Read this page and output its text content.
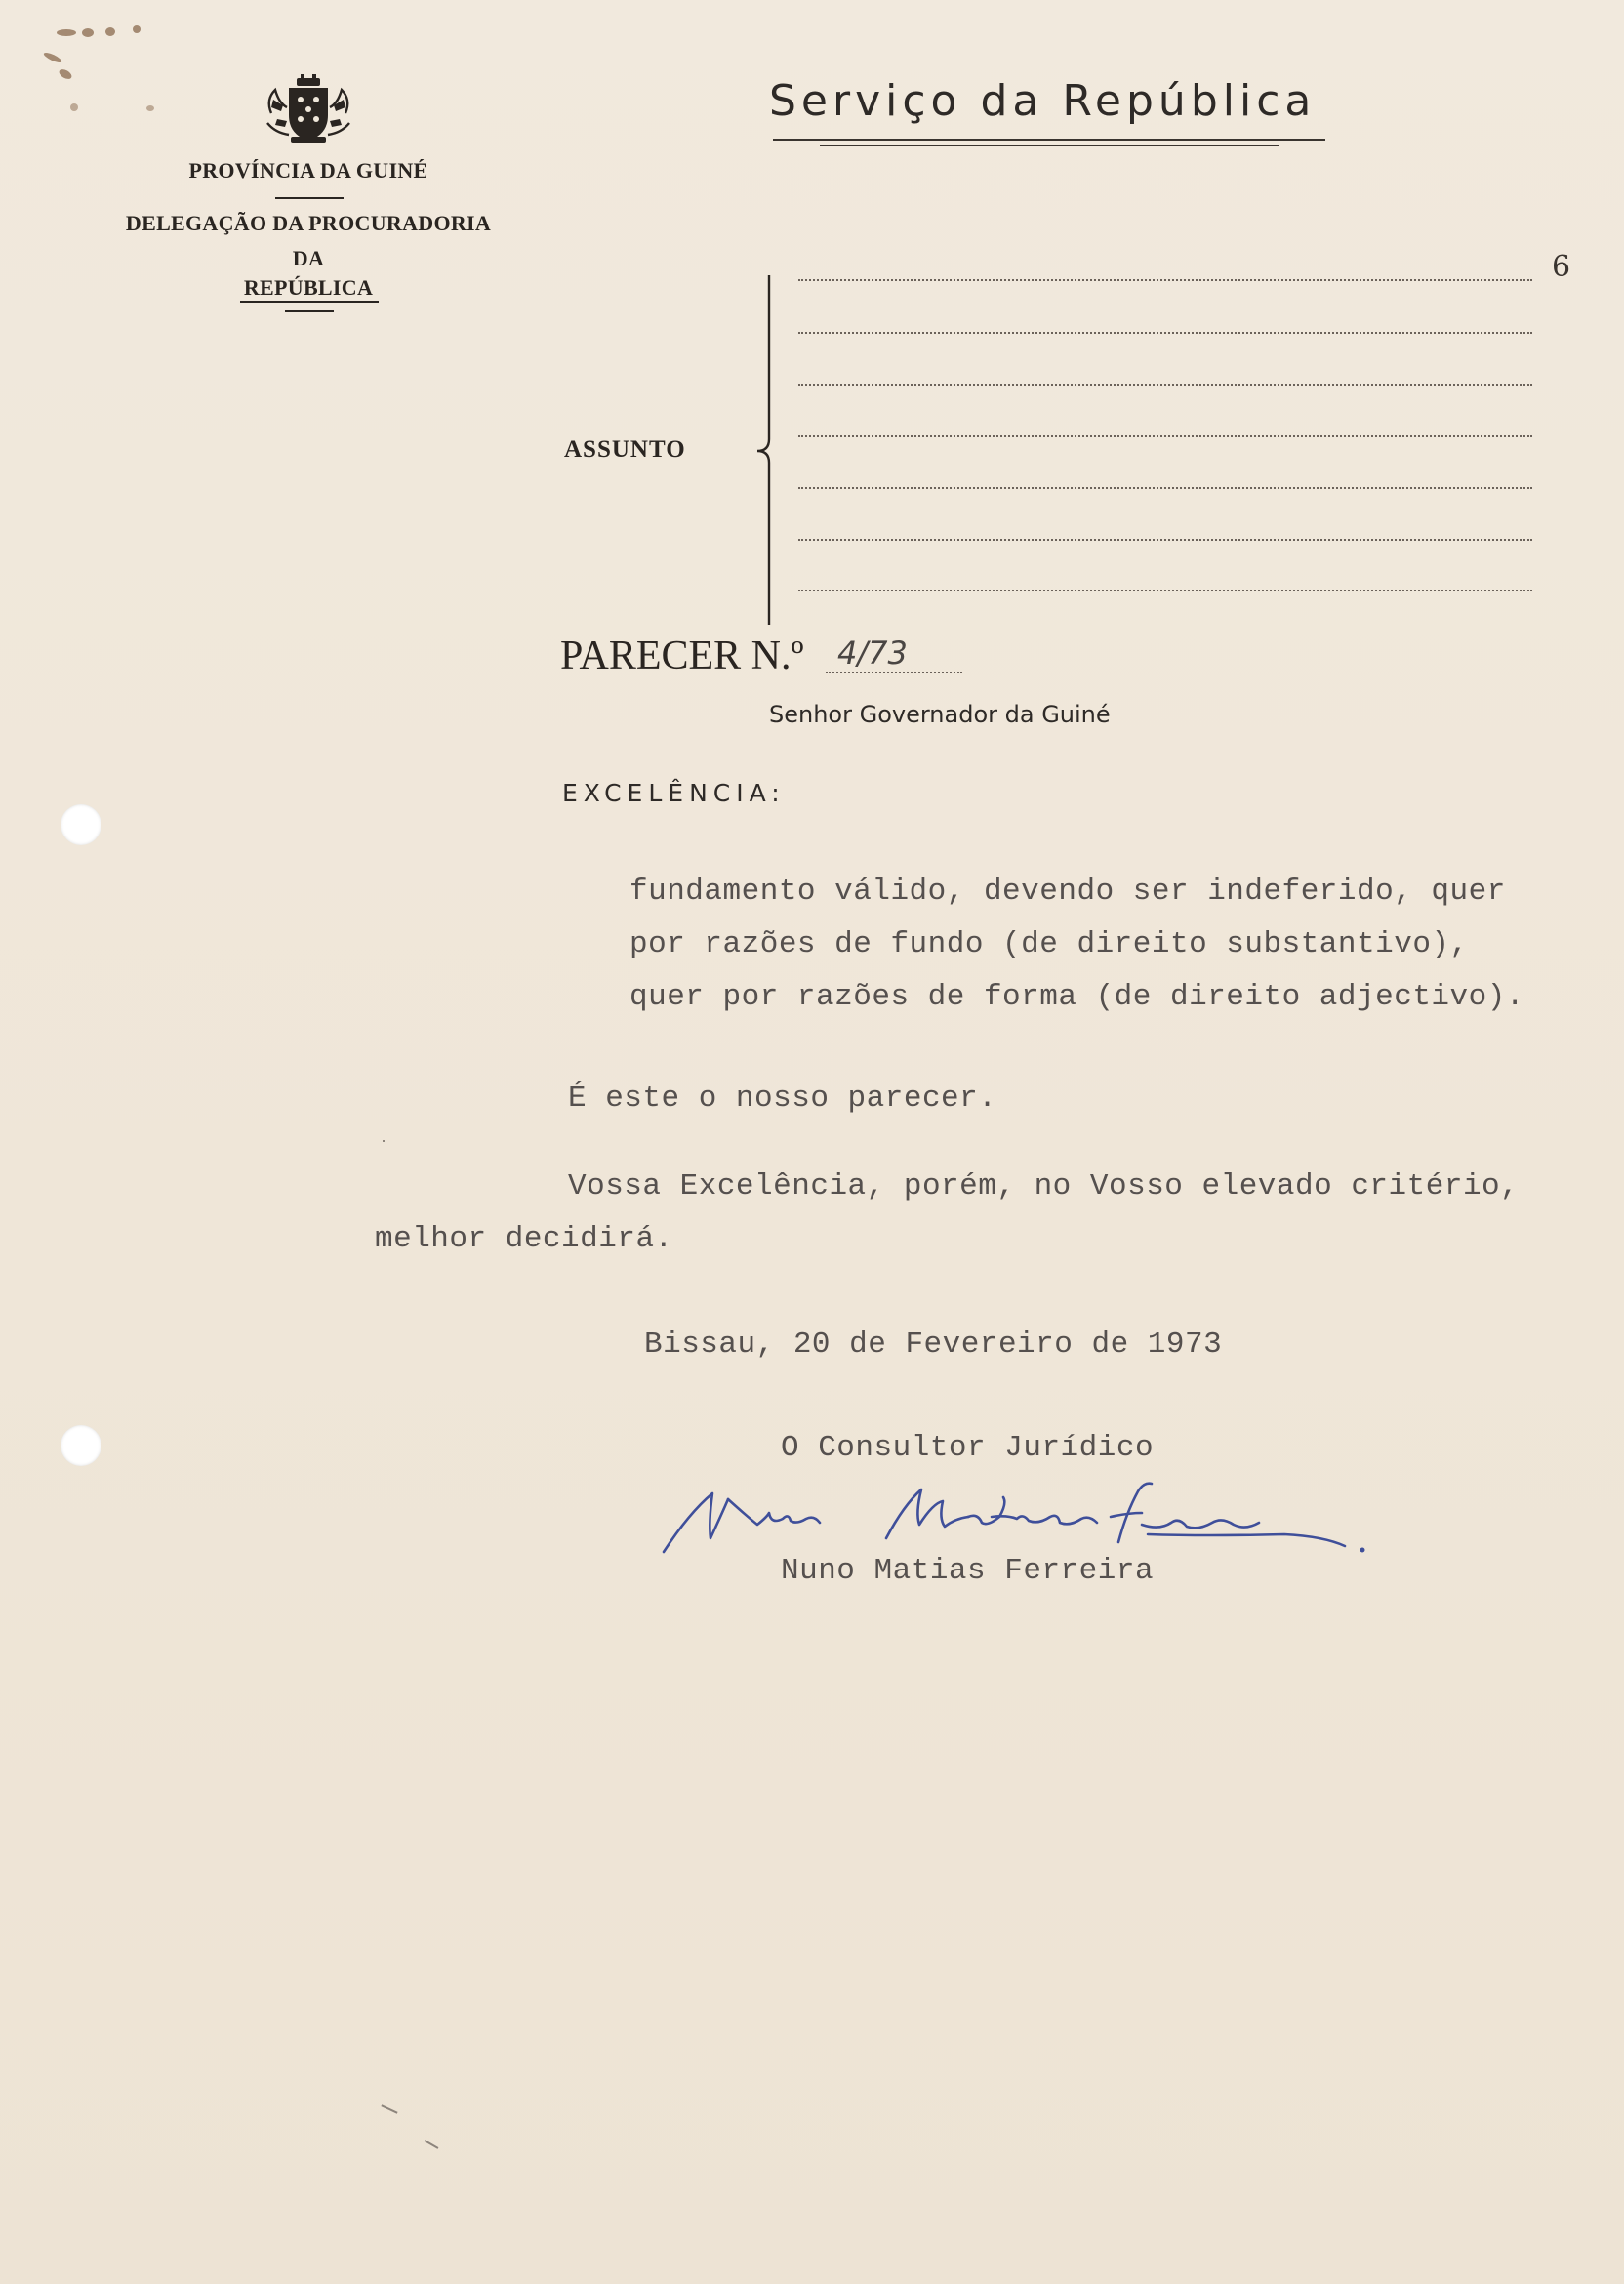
PROVÍNCIA DA GUINÉ
DELEGAÇÃO DA PROCURADORIA
DA
REPÚBLICA
Serviço da República
6
ASSUNTO
PARECER N.º 4/73
Senhor Governador da Guiné
EXCELÊNCIA:
fundamento válido, devendo ser indeferido, quer
por razões de fundo (de direito substantivo),
quer por razões de forma (de direito adjectivo).
É este o nosso parecer.
Vossa Excelência, porém, no Vosso elevado critério,
melhor decidirá.
Bissau, 20 de Fevereiro de 1973
O Consultor Jurídico
Nuno Matias Ferreira
